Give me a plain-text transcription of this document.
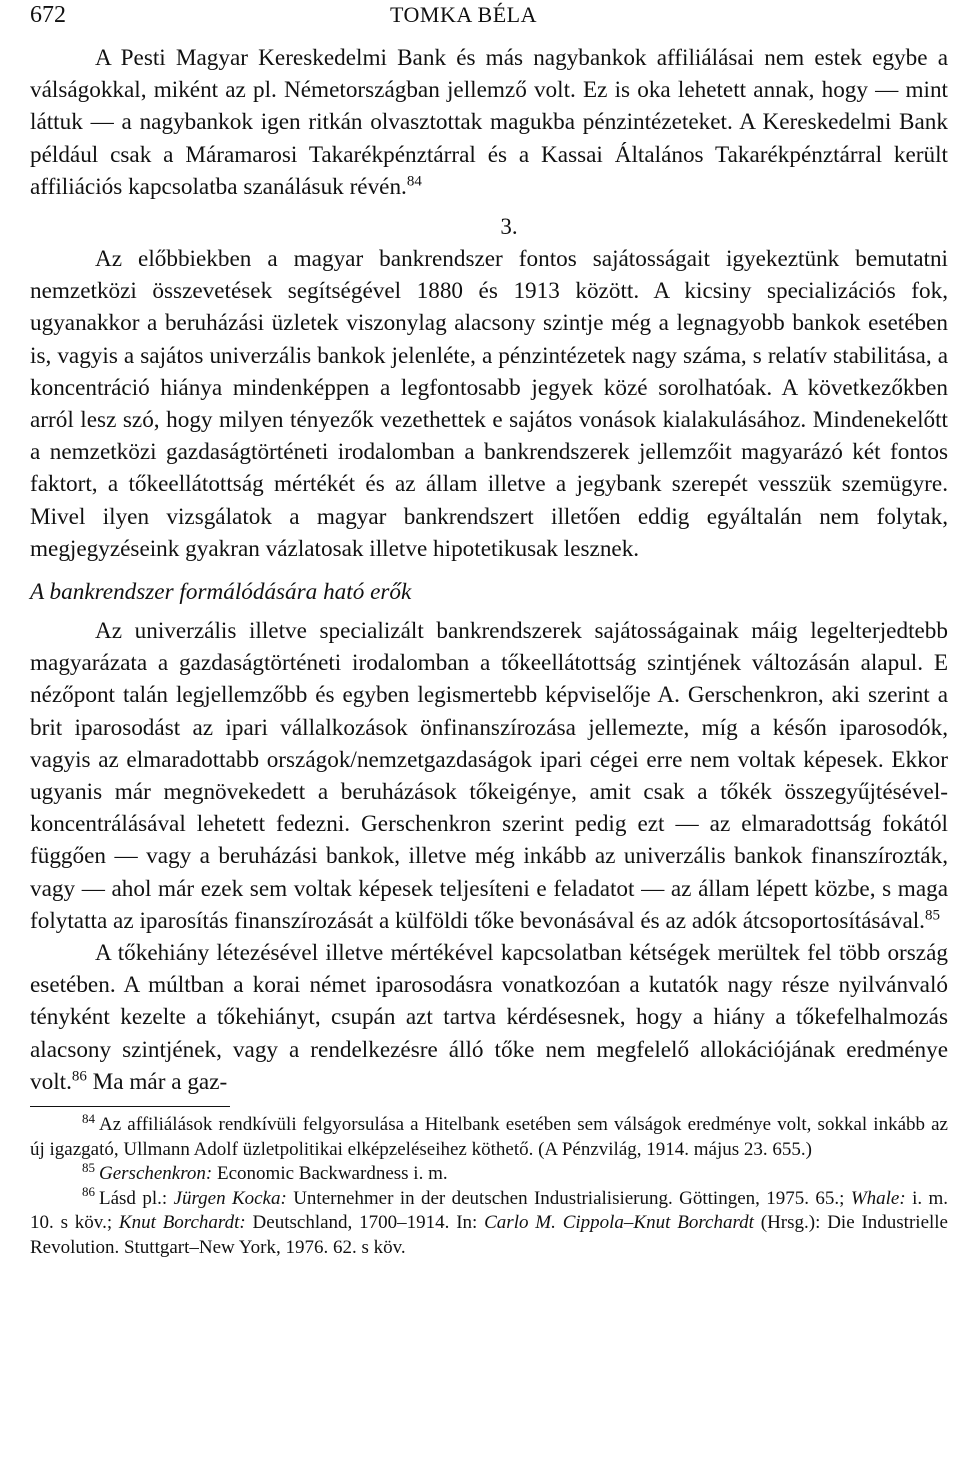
672	TOMKA BÉLA

A Pesti Magyar Kereskedelmi Bank és más nagybankok affiliálásai nem estek egybe a válságokkal, miként az pl. Németországban jellemző volt. Ez is oka lehetett annak, hogy — mint láttuk — a nagybankok igen ritkán olvasztottak magukba pénzintézeteket. A Kereskedelmi Bank például csak a Máramarosi Takarékpénztárral és a Kassai Általános Takarékpénztárral került affiliációs kapcsolatba szanálásuk révén.$^{84}$

3.

Az előbbiekben a magyar bankrendszer fontos sajátosságait igyekeztünk bemutatni nemzetközi összevetések segítségével 1880 és 1913 között. A kicsiny specializációs fok, ugyanakkor a beruházási üzletek viszonylag alacsony szintje még a legnagyobb bankok esetében is, vagyis a sajátos univerzális bankok jelenléte, a pénzintézetek nagy száma, s relatív stabilitása, a koncentráció hiánya mindenképpen a legfontosabb jegyek közé sorolhatóak. A következőkben arról lesz szó, hogy milyen tényezők vezethettek e sajátos vonások kialakulásához. Mindenekelőtt a nemzetközi gazdaságtörténeti irodalomban a bankrendszerek jellemzőit magyarázó két fontos faktort, a tőkeellátottság mértékét és az állam illetve a jegybank szerepét vesszük szemügyre. Mivel ilyen vizsgálatok a magyar bankrendszert illetően eddig egyáltalán nem folytak, megjegyzéseink gyakran vázlatosak illetve hipotetikusak lesznek.

A bankrendszer formálódására ható erők

Az univerzális illetve specializált bankrendszerek sajátosságainak máig legelterjedtebb magyarázata a gazdaságtörténeti irodalomban a tőkeellátottság szintjének változásán alapul. E nézőpont talán legjellemzőbb és egyben legismertebb képviselője A. Gerschenkron, aki szerint a brit iparosodást az ipari vállalkozások önfinanszírozása jellemezte, míg a későn iparosodók, vagyis az elmaradottabb országok/nemzetgazdaságok ipari cégei erre nem voltak képesek. Ekkor ugyanis már megnövekedett a beruházások tőkeigénye, amit csak a tőkék összegyűjtésével-koncentrálásával lehetett fedezni. Gerschenkron szerint pedig ezt — az elmaradottság fokától függően — vagy a beruházási bankok, illetve még inkább az univerzális bankok finanszírozták, vagy — ahol már ezek sem voltak képesek teljesíteni e feladatot — az állam lépett közbe, s maga folytatta az iparosítás finanszírozását a külföldi tőke bevonásával és az adók átcsoportosításával.$^{85}$

A tőkehiány létezésével illetve mértékével kapcsolatban kétségek merültek fel több ország esetében. A múltban a korai német iparosodásra vonatkozóan a kutatók nagy része nyilvánvaló tényként kezelte a tőkehiányt, csupán azt tartva kérdésesnek, hogy a hiány a tőkefelhalmozás alacsony szintjének, vagy a rendelkezésre álló tőke nem megfelelő allokációjának eredménye volt.$^{86}$ Ma már a gaz-

$^{84}$ Az affiliálások rendkívüli felgyorsulása a Hitelbank esetében sem válságok eredménye volt, sokkal inkább az új igazgató, Ullmann Adolf üzletpolitikai elképzeléseihez köthető. (A Pénzvilág, 1914. május 23. 655.)

$^{85}$ Gerschenkron: Economic Backwardness i. m.

$^{86}$ Lásd pl.: Jürgen Kocka: Unternehmer in der deutschen Industrialisierung. Göttingen, 1975. 65.; Whale: i. m. 10. s köv.; Knut Borchardt: Deutschland, 1700–1914. In: Carlo M. Cippola–Knut Borchardt (Hrsg.): Die Industrielle Revolution. Stuttgart–New York, 1976. 62. s köv.
